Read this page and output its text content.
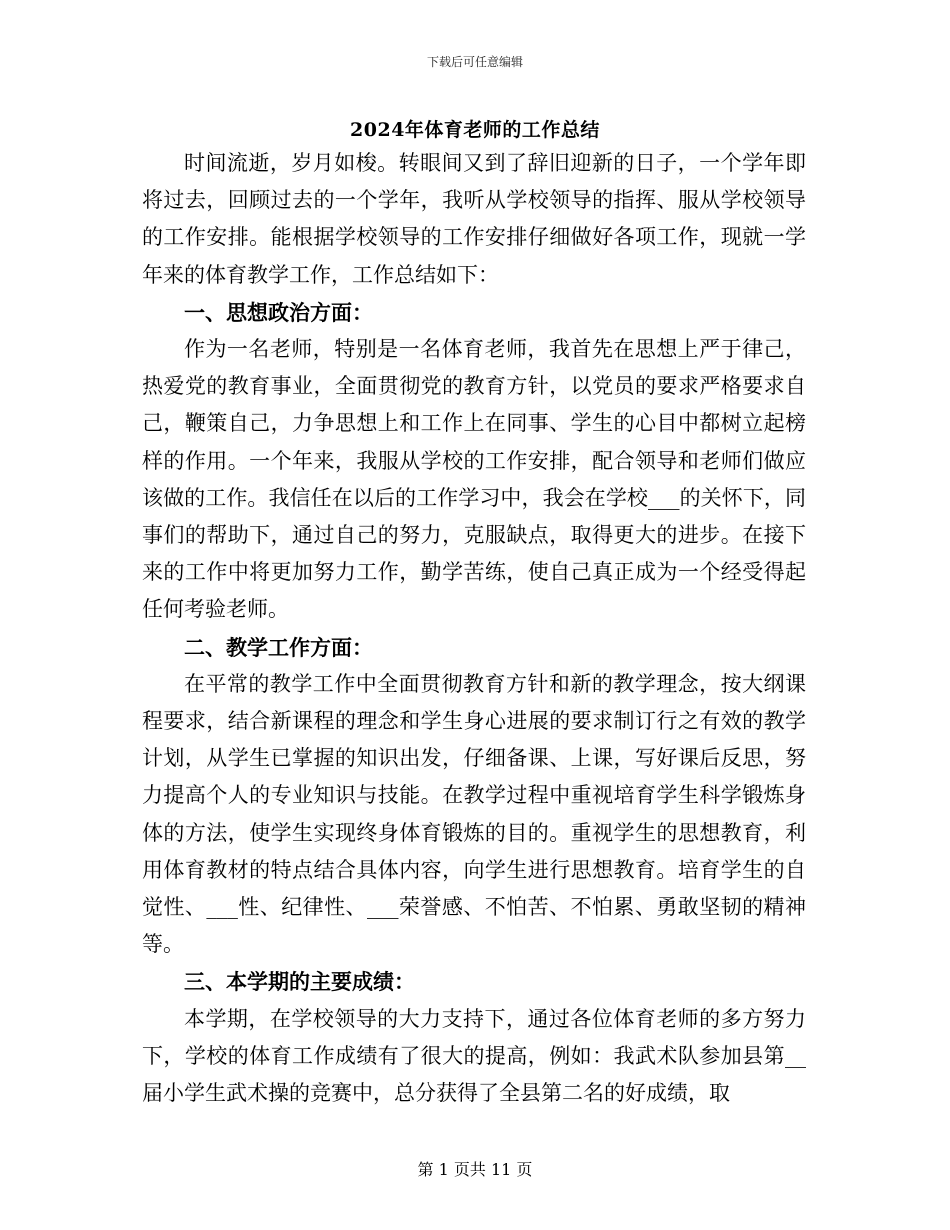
下载后可任意编辑
2024年体育老师的工作总结

时间流逝，岁月如梭。转眼间又到了辞旧迎新的日子，一个学年即将过去，回顾过去的一个学年，我听从学校领导的指挥、服从学校领导的工作安排。能根据学校领导的工作安排仔细做好各项工作，现就一学年来的体育教学工作，工作总结如下：

一、思想政治方面：

作为一名老师，特别是一名体育老师，我首先在思想上严于律己，热爱党的教育事业，全面贯彻党的教育方针，以党员的要求严格要求自己，鞭策自己，力争思想上和工作上在同事、学生的心目中都树立起榜样的作用。一个年来，我服从学校的工作安排，配合领导和老师们做应该做的工作。我信任在以后的工作学习中，我会在学校___的关怀下，同事们的帮助下，通过自己的努力，克服缺点，取得更大的进步。在接下来的工作中将更加努力工作，勤学苦练，使自己真正成为一个经受得起任何考验老师。

二、教学工作方面：

在平常的教学工作中全面贯彻教育方针和新的教学理念，按大纲课程要求，结合新课程的理念和学生身心进展的要求制订行之有效的教学计划，从学生已掌握的知识出发，仔细备课、上课，写好课后反思，努力提高个人的专业知识与技能。在教学过程中重视培育学生科学锻炼身体的方法，使学生实现终身体育锻炼的目的。重视学生的思想教育，利用体育教材的特点结合具体内容，向学生进行思想教育。培育学生的自觉性、___性、纪律性、___荣誉感、不怕苦、不怕累、勇敢坚韧的精神等。

三、本学期的主要成绩：

本学期，在学校领导的大力支持下，通过各位体育老师的多方努力下，学校的体育工作成绩有了很大的提高，例如：我武术队参加县第__届小学生武术操的竞赛中，总分获得了全县第二名的好成绩，取

第 1 页共 11 页
